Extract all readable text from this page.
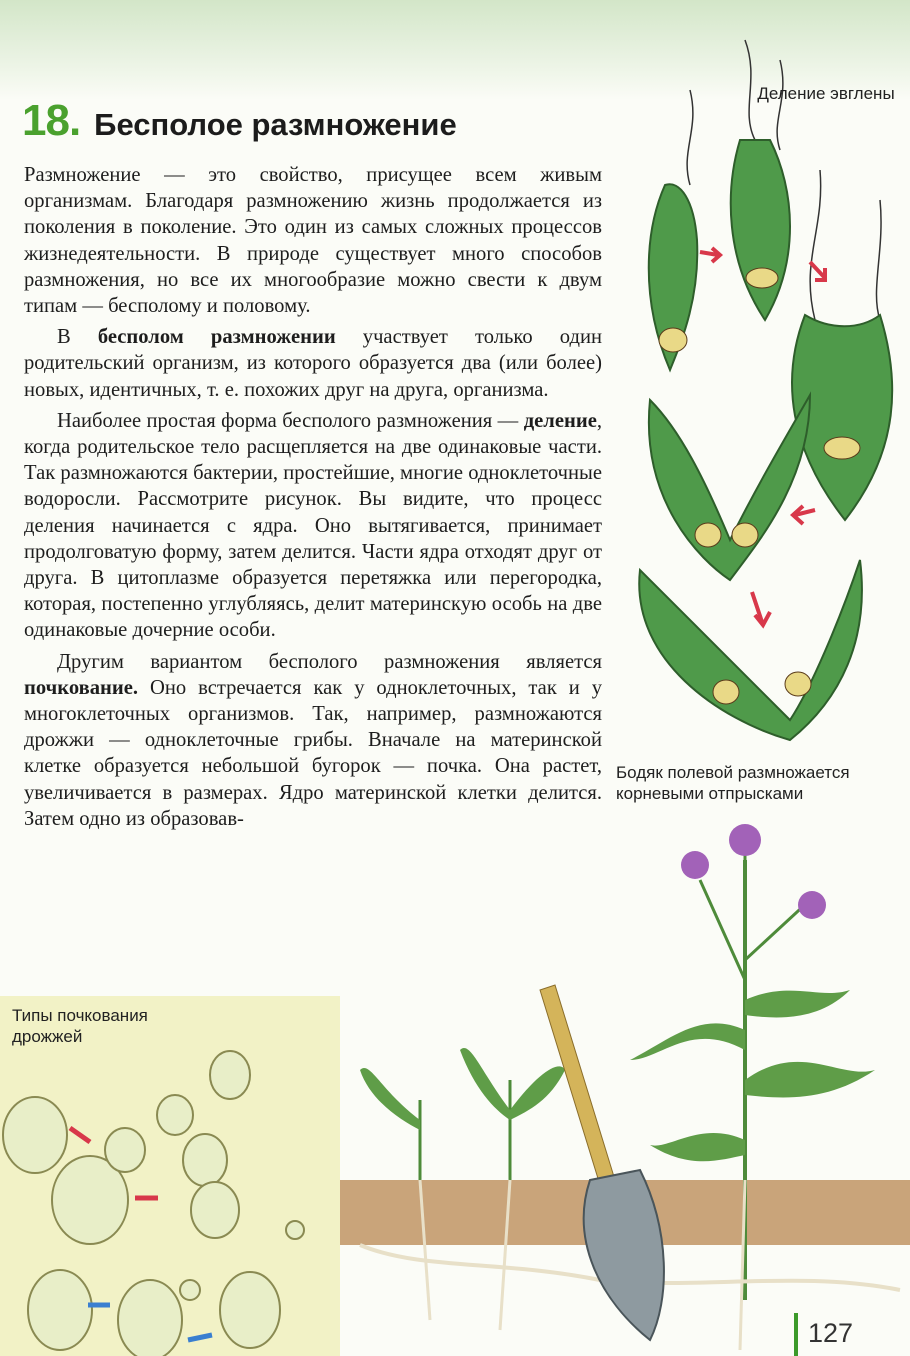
18. Бесполое размножение

Размножение — это свойство, присущее всем живым организмам. Благодаря размножению жизнь продолжается из поколения в поколение. Это один из самых сложных процессов жизнедеятельности. В природе существует много способов размножения, но все их многообразие можно свести к двум типам — бесполому и половому.

В бесполом размножении участвует только один родительский организм, из которого образуется два (или более) новых, идентичных, т. е. похожих друг на друга, организма.

Наиболее простая форма бесполого размножения — деление, когда родительское тело расщепляется на две одинаковые части. Так размножаются бактерии, простейшие, многие одноклеточные водоросли. Рассмотрите рисунок. Вы видите, что процесс деления начинается с ядра. Оно вытягивается, принимает продолговатую форму, затем делится. Части ядра отходят друг от друга. В цитоплазме образуется перетяжка или перегородка, которая, постепенно углубляясь, делит материнскую особь на две одинаковые дочерние особи.

Другим вариантом бесполого размножения является почкование. Оно встречается как у одноклеточных, так и у многоклеточных организмов. Так, например, размножаются дрожжи — одноклеточные грибы. Вначале на материнской клетке образуется небольшой бугорок — почка. Она растет, увеличивается в размерах. Ядро материнской клетки делится. Затем одно из образовав-

Деление эвглены
Бодяк полевой размножается корневыми отпрысками
Типы почкования дрожжей
127
